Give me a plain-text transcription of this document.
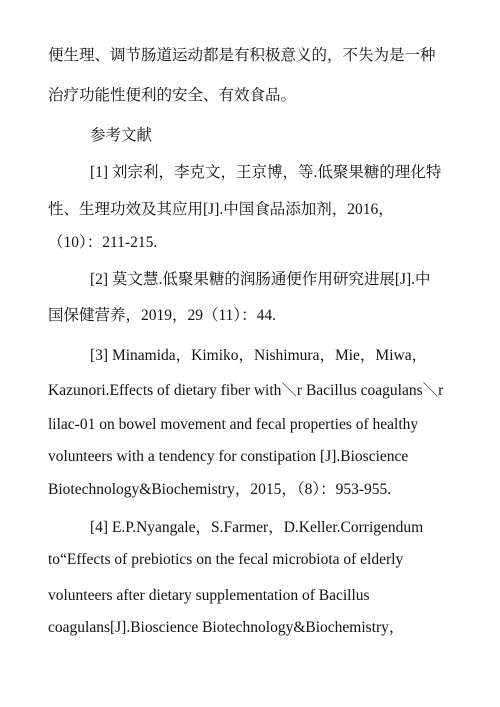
便生理、调节肠道运动都是有积极意义的，不失为是一种
治疗功能性便利的安全、有效食品。
参考文献
[1] 刘宗利，李克文，王京博，等.低聚果糖的理化特
性、生理功效及其应用[J].中国食品添加剂，2016，
（10）：211-215.
[2] 莫文慧.低聚果糖的润肠通便作用研究进展[J].中
国保健营养，2019，29（11）：44.
[3] Minamida，Kimiko，Nishimura，Mie，Miwa，
Kazunori.Effects of dietary fiber with＼r Bacillus coagulans＼r
lilac-01 on bowel movement and fecal properties of healthy
volunteers with a tendency for constipation [J].Bioscience
Biotechnology&Biochemistry，2015，（8）：953-955.
[4] E.P.Nyangale，S.Farmer，D.Keller.Corrigendum
to“Effects of prebiotics on the fecal microbiota of elderly
volunteers after dietary supplementation of Bacillus
coagulans[J].Bioscience Biotechnology&Biochemistry，
